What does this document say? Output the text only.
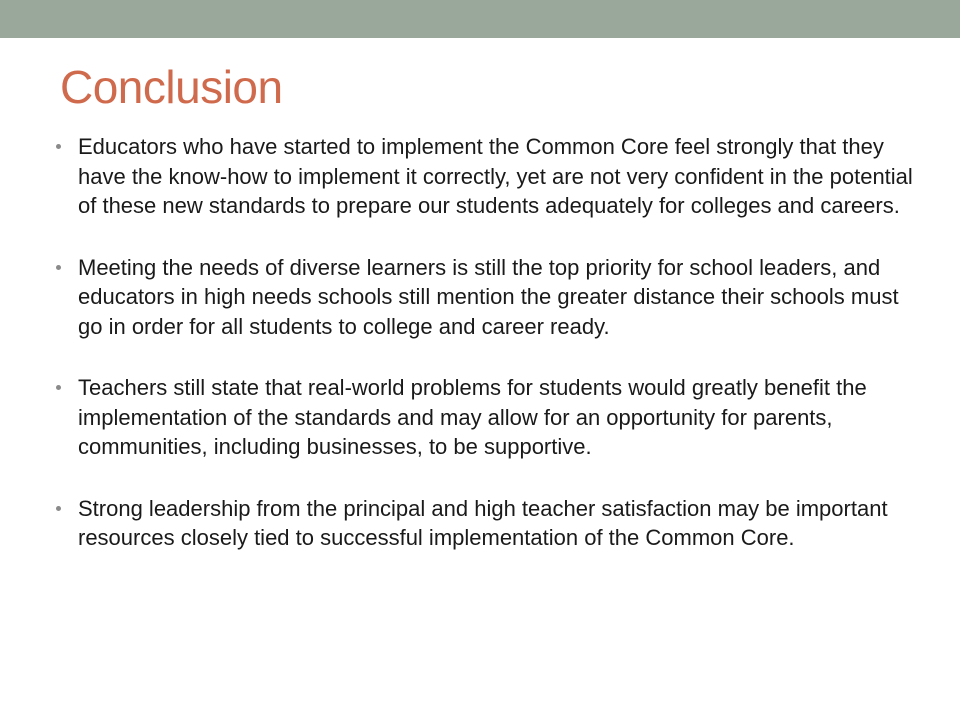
Conclusion
Educators who have started to implement the Common Core feel strongly that they have the know-how to implement it correctly, yet are not very confident in the potential of these new standards to prepare our students adequately for colleges and careers.
Meeting the needs of diverse learners is still the top priority for school leaders, and educators in high needs schools still mention the greater distance their schools must go in order for all students to college and career ready.
Teachers still state that real-world problems for students would greatly benefit the implementation of the standards and may allow for an opportunity for parents, communities, including businesses, to be supportive.
Strong leadership from the principal and high teacher satisfaction may be important resources closely tied to successful implementation of the Common Core.
